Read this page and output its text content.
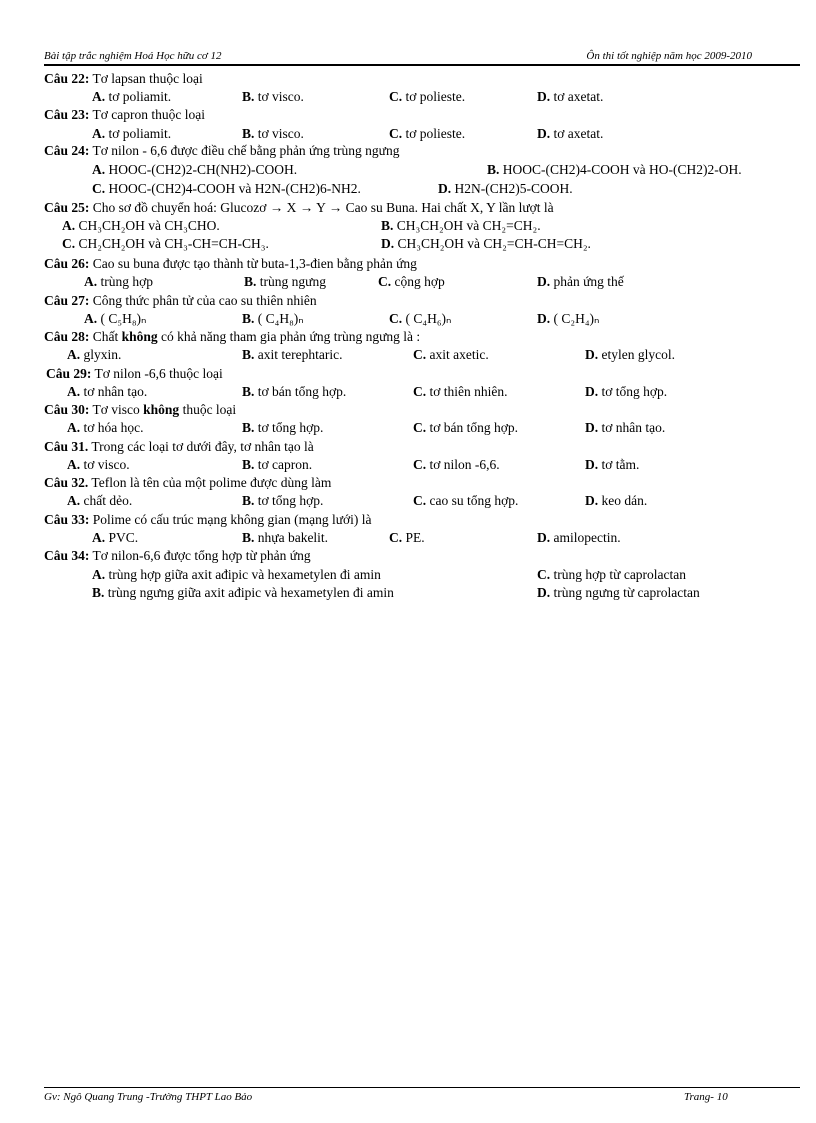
Bài tập trắc nghiệm Hoá Học hữu cơ 12	Ôn thi tốt nghiệp năm học 2009-2010
Câu 22: Tơ lapsan thuộc loại
A. tơ poliamit.	B. tơ visco.	C. tơ polieste.	D. tơ axetat.
Câu 23: Tơ capron thuộc loại
A. tơ poliamit.	B. tơ visco.	C. tơ polieste.	D. tơ axetat.
Câu 24: Tơ nilon - 6,6 được điều chế bằng phản ứng trùng ngưng
A. HOOC-(CH2)2-CH(NH2)-COOH.	B. HOOC-(CH2)4-COOH và HO-(CH2)2-OH.
C. HOOC-(CH2)4-COOH và H2N-(CH2)6-NH2.	D. H2N-(CH2)5-COOH.
Câu 25: Cho sơ đồ chuyển hoá: Glucozơ → X → Y → Cao su Buna. Hai chất X, Y lần lượt là
A. CH₃CH₂OH và CH₃CHO.	B. CH₃CH₂OH và CH₂=CH₂.
C. CH₂CH₂OH và CH₃-CH=CH-CH₃.	D. CH₃CH₂OH và CH₂=CH-CH=CH₂.
Câu 26: Cao su buna được tạo thành từ buta-1,3-đien bằng phản ứng
A. trùng hợp	B. trùng ngưng	C. cộng hợp	D. phản ứng thế
Câu 27: Công thức phân tử của cao su thiên nhiên
A. ( C₅H₈)ₙ	B. ( C₄H₈)ₙ	C. ( C₄H₆)ₙ	D. ( C₂H₄)ₙ
Câu 28: Chất không có khả năng tham gia phản ứng trùng ngưng là :
A. glyxin.	B. axit terephtaric.	C. axit axetic.	D. etylen glycol.
Câu 29: Tơ nilon -6,6 thuộc loại
A. tơ nhân tạo.	B. tơ bán tổng hợp.	C. tơ thiên nhiên.	D. tơ tổng hợp.
Câu 30: Tơ visco không thuộc loại
A. tơ hóa học.	B. tơ tổng hợp.	C. tơ bán tổng hợp.	D. tơ nhân tạo.
Câu 31. Trong các loại tơ dưới đây, tơ nhân tạo là
A. tơ visco.	B. tơ capron.	C. tơ nilon -6,6.	D. tơ tằm.
Câu 32. Teflon là tên của một polime được dùng làm
A. chất dẻo.	B. tơ tổng hợp.	C. cao su tổng hợp.	D. keo dán.
Câu 33: Polime có cấu trúc mạng không gian (mạng lưới) là
A. PVC.	B. nhựa bakelit.	C. PE.	D. amilopectin.
Câu 34: Tơ nilon-6,6 được tổng hợp từ phản ứng
A. trùng hợp giữa axit ađipic và hexametylen đi amin	C. trùng hợp từ caprolactan
B. trùng ngưng giữa axit ađipic và hexametylen đi amin	D. trùng ngưng từ caprolactan
Gv: Ngô Quang Trung -Trường THPT Lao Bảo	Trang- 10
